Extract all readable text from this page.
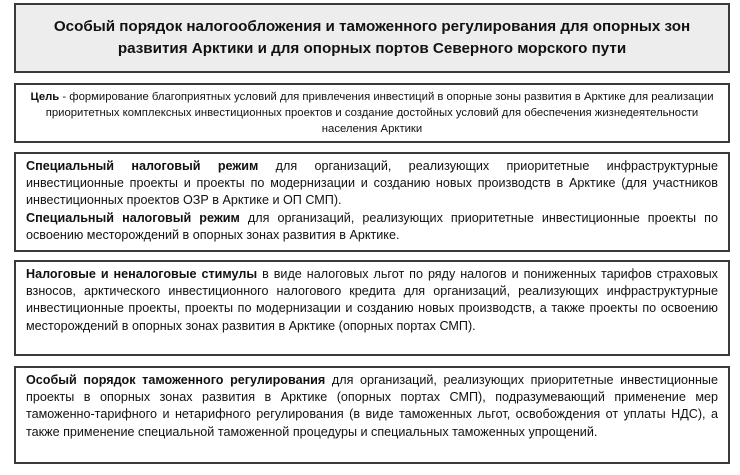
Особый порядок налогообложения и таможенного регулирования для опорных зон развития Арктики и для опорных портов Северного морского пути
Цель - формирование благоприятных условий для привлечения инвестиций в опорные зоны развития в Арктике для реализации приоритетных комплексных инвестиционных проектов и создание достойных условий для обеспечения жизнедеятельности населения Арктики

Специальный налоговый режим для организаций, реализующих приоритетные инфраструктурные инвестиционные проекты и проекты по модернизации и созданию новых производств в Арктике (для участников инвестиционных проектов ОЗР в Арктике и ОП СМП).

Специальный налоговый режим для организаций, реализующих приоритетные инвестиционные проекты по освоению месторождений в опорных зонах развития в Арктике.

Налоговые и неналоговые стимулы в виде налоговых льгот по ряду налогов и пониженных тарифов страховых взносов, арктического инвестиционного налогового кредита для организаций, реализующих инфраструктурные инвестиционные проекты, проекты по модернизации и созданию новых производств, а также проекты по освоению месторождений в опорных зонах развития в Арктике (опорных портах СМП).

Особый порядок таможенного регулирования для организаций, реализующих приоритетные инвестиционные проекты в опорных зонах развития в Арктике (опорных портах СМП), подразумевающий применение мер таможенно-тарифного и нетарифного регулирования (в виде таможенных льгот, освобождения от уплаты НДС), а также применение специальной таможенной процедуры и специальных таможенных упрощений.
